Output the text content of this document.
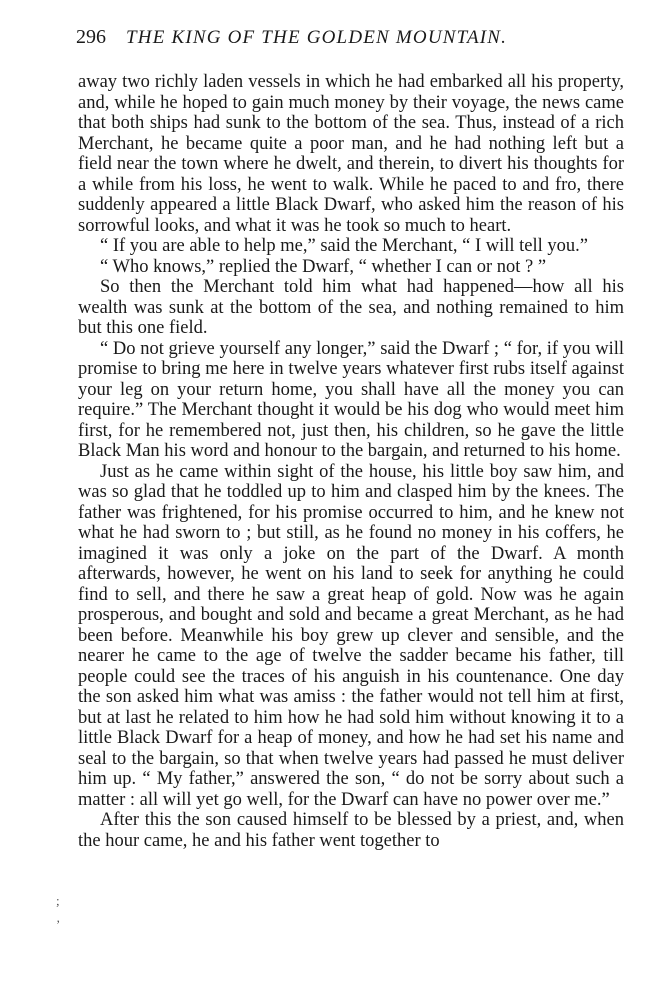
296	THE KING OF THE GOLDEN MOUNTAIN.

away two richly laden vessels in which he had embarked all his property, and, while he hoped to gain much money by their voyage, the news came that both ships had sunk to the bottom of the sea. Thus, instead of a rich Merchant, he became quite a poor man, and he had nothing left but a field near the town where he dwelt, and therein, to divert his thoughts for a while from his loss, he went to walk. While he paced to and fro, there suddenly appeared a little Black Dwarf, who asked him the reason of his sorrowful looks, and what it was he took so much to heart.

“ If you are able to help me,” said the Merchant, “ I will tell you.”

“ Who knows,” replied the Dwarf, “ whether I can or not ? ”

So then the Merchant told him what had happened—how all his wealth was sunk at the bottom of the sea, and nothing remained to him but this one field.

“ Do not grieve yourself any longer,” said the Dwarf ; “ for, if you will promise to bring me here in twelve years whatever first rubs itself against your leg on your return home, you shall have all the money you can require.” The Merchant thought it would be his dog who would meet him first, for he remembered not, just then, his children, so he gave the little Black Man his word and honour to the bargain, and returned to his home.

Just as he came within sight of the house, his little boy saw him, and was so glad that he toddled up to him and clasped him by the knees. The father was frightened, for his promise occurred to him, and he knew not what he had sworn to ; but still, as he found no money in his coffers, he imagined it was only a joke on the part of the Dwarf. A month afterwards, however, he went on his land to seek for anything he could find to sell, and there he saw a great heap of gold. Now was he again prosperous, and bought and sold and became a great Merchant, as he had been before. Meanwhile his boy grew up clever and sensible, and the nearer he came to the age of twelve the sadder became his father, till people could see the traces of his anguish in his countenance. One day the son asked him what was amiss : the father would not tell him at first, but at last he related to him how he had sold him without knowing it to a little Black Dwarf for a heap of money, and how he had set his name and seal to the bargain, so that when twelve years had passed he must deliver him up. “ My father,” answered the son, “ do not be sorry about such a matter : all will yet go well, for the Dwarf can have no power over me.”

After this the son caused himself to be blessed by a priest, and, when the hour came, he and his father went together to

;
‚
